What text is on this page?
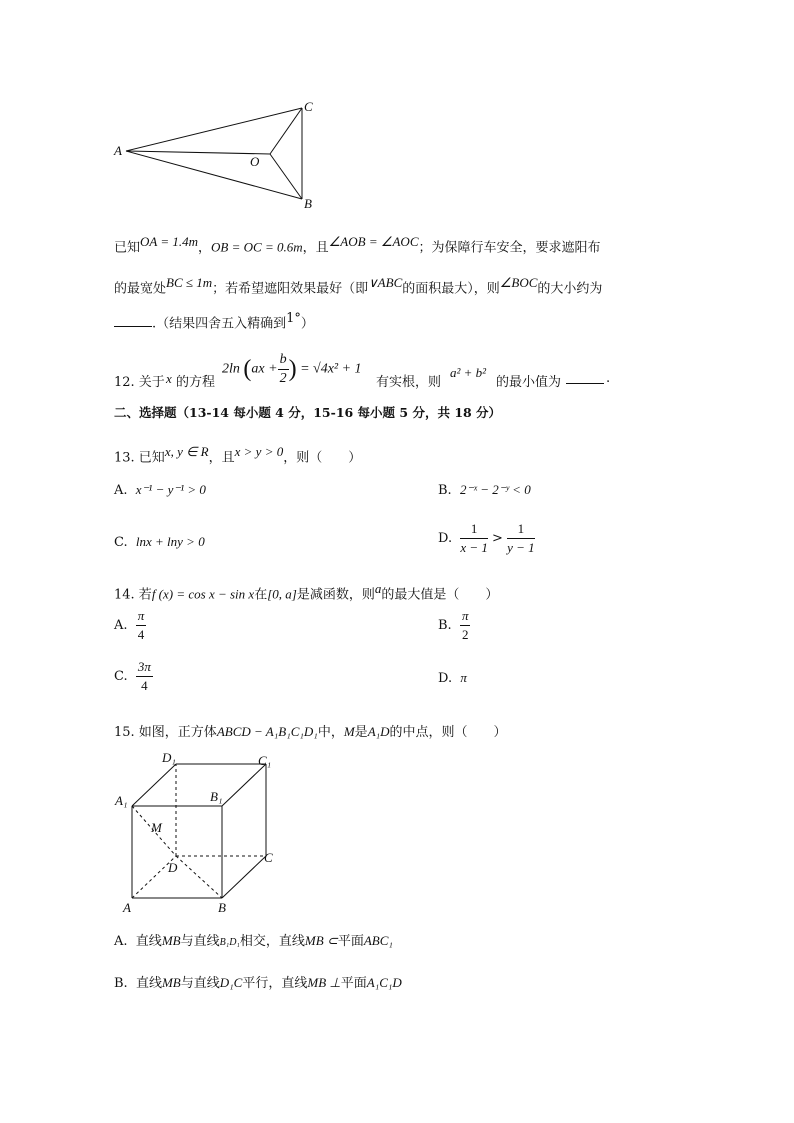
A
C
O
B
已知$^{OA = 1.4m}$，OB = OC = 0.6m，且$^{\angle AOB = \angle AOC}$；为保障行车安全，要求遮阳布
的最宽处$^{BC \le 1m}$；若希望遮阳效果最好（即$^{\vee ABC}$的面积最大），则$^{\angle BOC}$的大小约为
.（结果四舍五入精确到$^{1^\circ}$）
12. 关于 x 的方程
2ln ($ax + \frac{b}{2}$ ) = √4x² + 1
有实根，则
a² + b²
的最小值为	.
二、选择题（13-14 每小题 4 分，15-16 每小题 5 分，共 18 分）
13. 已知$^{x, y \in R}$，且$^{x > y > 0}$，则（　　）
A. x⁻¹ − y⁻¹ > 0	B. 2⁻ˣ − 2⁻ʸ < 0
C. lnx + lny > 0	D. $\frac{1}{x - 1} > \frac{1}{y - 1}$
14. 若f (x) = cos x − sin x在[0, a]是减函数，则$^a$的最大值是（　　）
A. $\frac{\pi}{4}$	B. $\frac{\pi}{2}$
C. $\frac{3\pi}{4}$	D. π
15. 如图，正方体ABCD − A₁B₁C₁D₁中，M是A₁D的中点，则（　　）
D₁	C₁
A₁	B₁
M
D
C
A	B
A. 直线MB与直线B₁D₁相交，直线MB ⊂平面ABC₁
B. 直线MB与直线D₁C平行，直线MB ⊥平面A₁C₁D
